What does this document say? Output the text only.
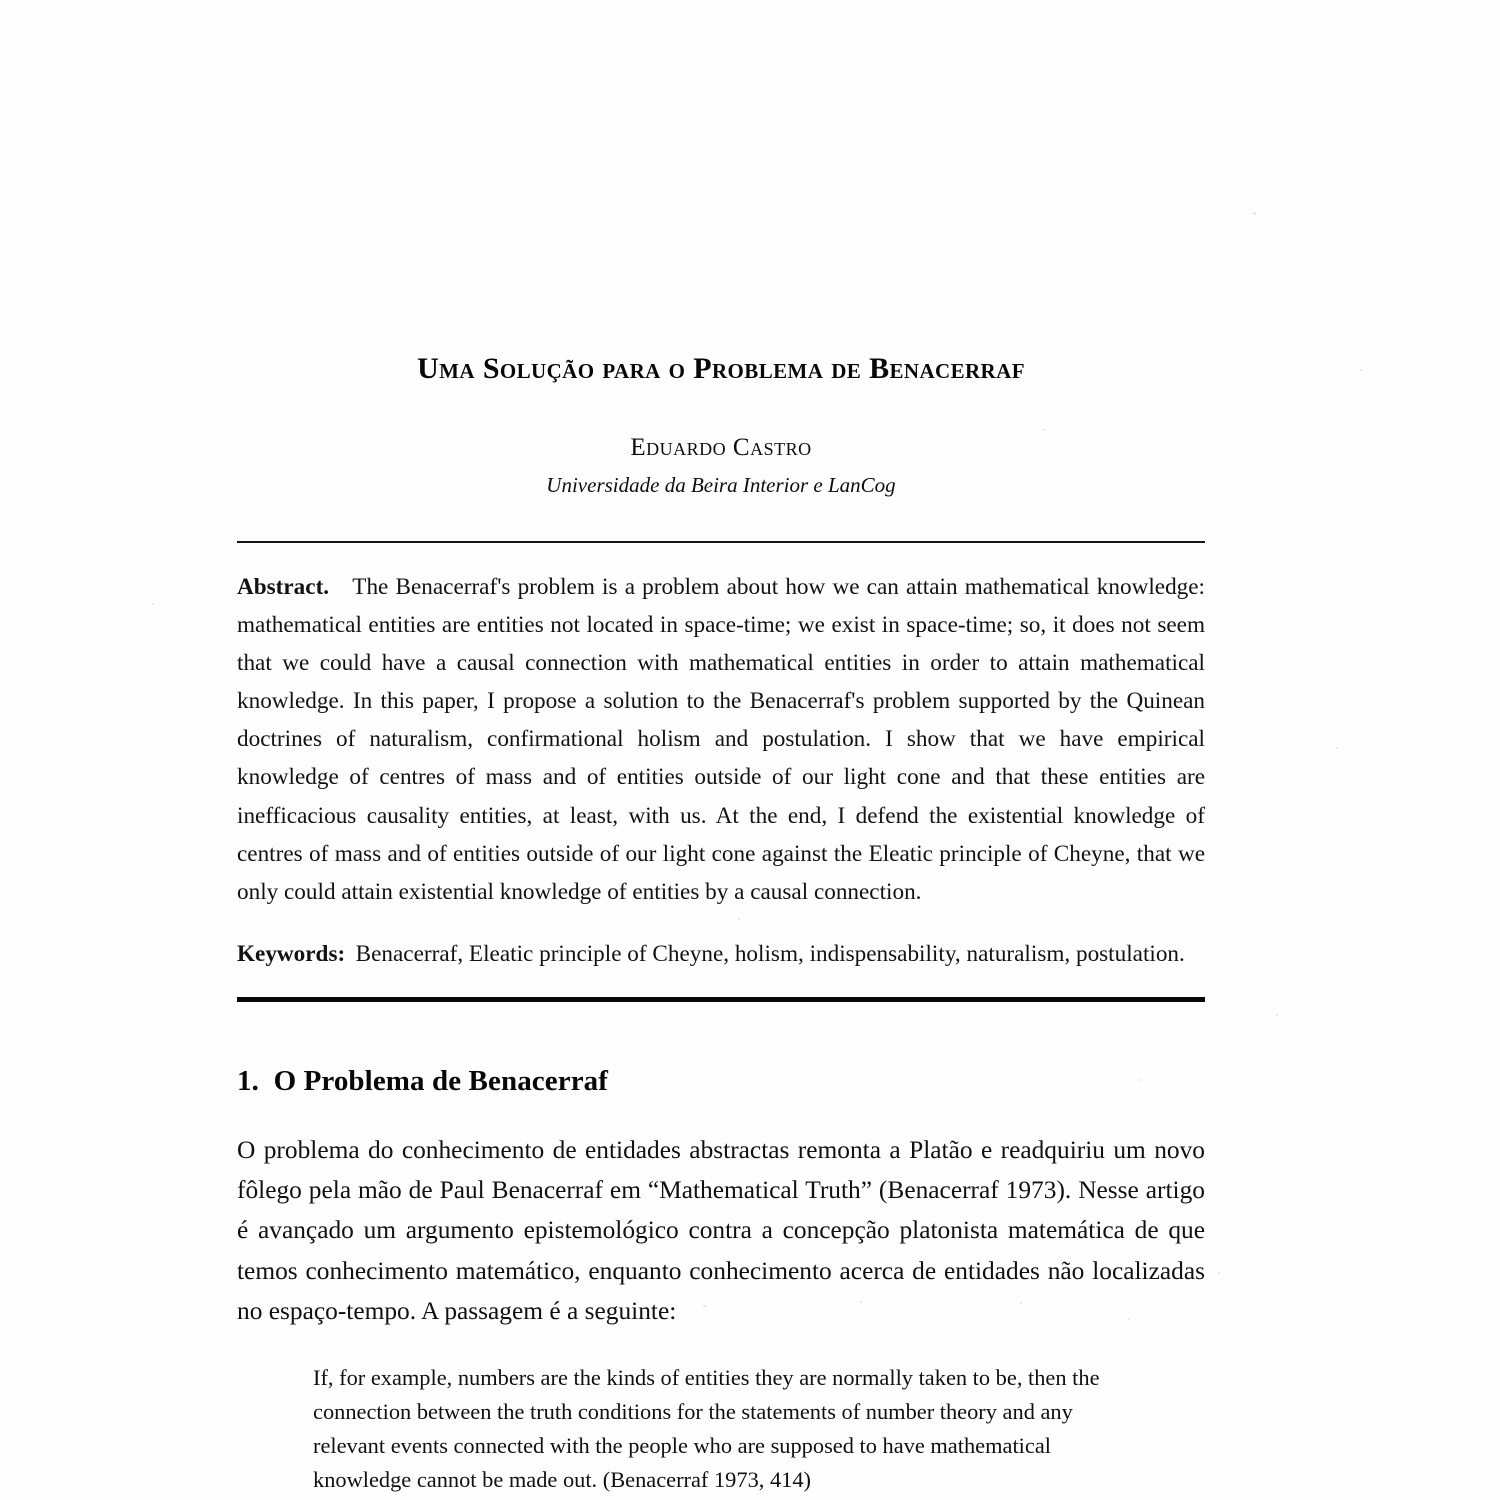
Uma Solução para o Problema de Benacerraf
Eduardo Castro
Universidade da Beira Interior e LanCog
Abstract. The Benacerraf's problem is a problem about how we can attain mathematical knowledge: mathematical entities are entities not located in space-time; we exist in space-time; so, it does not seem that we could have a causal connection with mathematical entities in order to attain mathematical knowledge. In this paper, I propose a solution to the Benacerraf's problem supported by the Quinean doctrines of naturalism, confirmational holism and postulation. I show that we have empirical knowledge of centres of mass and of entities outside of our light cone and that these entities are inefficacious causality entities, at least, with us. At the end, I defend the existential knowledge of centres of mass and of entities outside of our light cone against the Eleatic principle of Cheyne, that we only could attain existential knowledge of entities by a causal connection.
Keywords: Benacerraf, Eleatic principle of Cheyne, holism, indispensability, naturalism, postulation.
1. O Problema de Benacerraf

O problema do conhecimento de entidades abstractas remonta a Platão e readquiriu um novo fôlego pela mão de Paul Benacerraf em “Mathematical Truth” (Benacerraf 1973). Nesse artigo é avançado um argumento epistemológico contra a concepção platonista matemática de que temos conhecimento matemático, enquanto conhecimento acerca de entidades não localizadas no espaço-tempo. A passagem é a seguinte:

If, for example, numbers are the kinds of entities they are normally taken to be, then the connection between the truth conditions for the statements of number theory and any relevant events connected with the people who are supposed to have mathematical knowledge cannot be made out. (Benacerraf 1973, 414)
